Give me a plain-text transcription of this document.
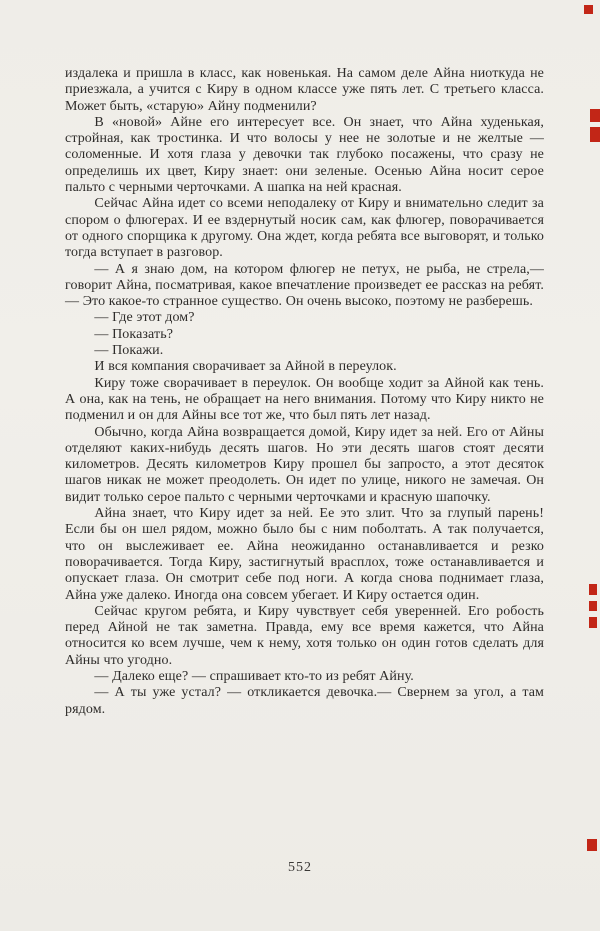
издалека и пришла в класс, как новенькая. На самом деле Айна ниоткуда не приезжала, а учится с Киру в одном классе уже пять лет. С третьего класса. Может быть, «старую» Айну подменили?

В «новой» Айне его интересует все. Он знает, что Айна худенькая, стройная, как тростинка. И что волосы у нее не золотые и не желтые — соломенные. И хотя глаза у девочки так глубоко посажены, что сразу не определишь их цвет, Киру знает: они зеленые. Осенью Айна носит серое пальто с черными черточками. А шапка на ней красная.

Сейчас Айна идет со всеми неподалеку от Киру и внимательно следит за спором о флюгерах. И ее вздернутый носик сам, как флюгер, поворачивается от одного спорщика к другому. Она ждет, когда ребята все выговорят, и только тогда вступает в разговор.

— А я знаю дом, на котором флюгер не петух, не рыба, не стрела,— говорит Айна, посматривая, какое впечатление произведет ее рассказ на ребят.— Это какое-то странное существо. Он очень высоко, поэтому не разберешь.

— Где этот дом?

— Показать?

— Покажи.

И вся компания сворачивает за Айной в переулок.

Киру тоже сворачивает в переулок. Он вообще ходит за Айной как тень. А она, как на тень, не обращает на него внимания. Потому что Киру никто не подменил и он для Айны все тот же, что был пять лет назад.

Обычно, когда Айна возвращается домой, Киру идет за ней. Его от Айны отделяют каких-нибудь десять шагов. Но эти десять шагов стоят десяти километров. Десять километров Киру прошел бы запросто, а этот десяток шагов никак не может преодолеть. Он идет по улице, никого не замечая. Он видит только серое пальто с черными черточками и красную шапочку.

Айна знает, что Киру идет за ней. Ее это злит. Что за глупый парень! Если бы он шел рядом, можно было бы с ним поболтать. А так получается, что он выслеживает ее. Айна неожиданно останавливается и резко поворачивается. Тогда Киру, застигнутый врасплох, тоже останавливается и опускает глаза. Он смотрит себе под ноги. А когда снова поднимает глаза, Айна уже далеко. Иногда она совсем убегает. И Киру остается один.

Сейчас кругом ребята, и Киру чувствует себя уверенней. Его робость перед Айной не так заметна. Правда, ему все время кажется, что Айна относится ко всем лучше, чем к нему, хотя только он один готов сделать для Айны что угодно.

— Далеко еще? — спрашивает кто-то из ребят Айну.

— А ты уже устал? — откликается девочка.— Свернем за угол, а там рядом.

552
